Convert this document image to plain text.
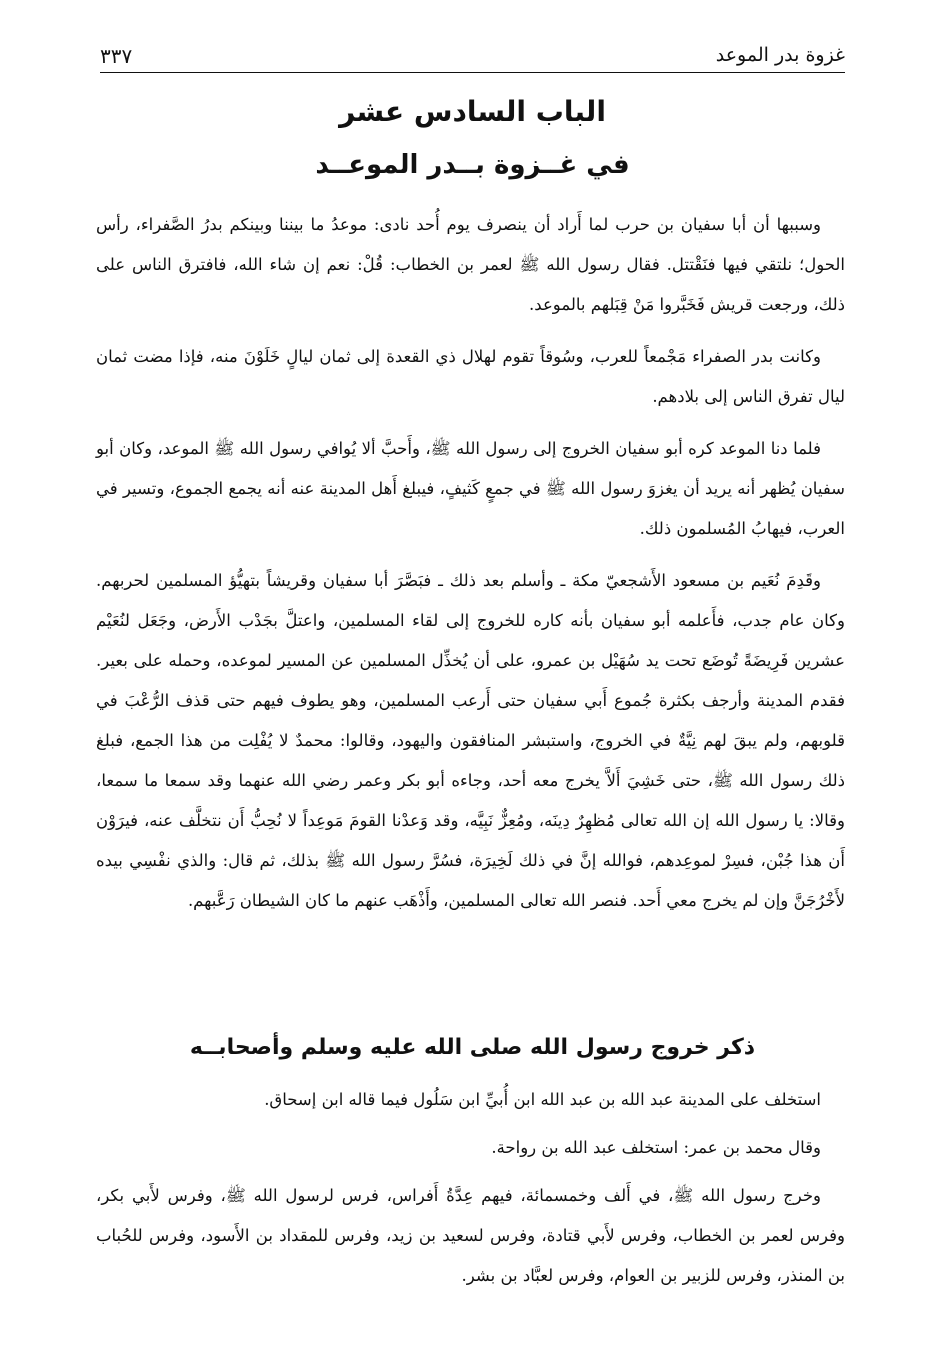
غزوة بدر الموعد
٣٣٧
الباب السادس عشر
في غــزوة بــدر الموعــد

وسببها أن أبا سفيان بن حرب لما أَراد أن ينصرف يوم أُحد نادى: موعدُ ما بيننا وبينكم بدرُ الصَّفراء، رأس الحول؛ نلتقي فيها فنَقْتتل. فقال رسول الله ﷺ لعمر بن الخطاب: قُلْ: نعم إن شاء الله، فافترق الناس على ذلك، ورجعت قريش فَخَبَّروا مَنْ قِبَلهم بالموعد.

وكانت بدر الصفراء مَجْمعاً للعرب، وسُوقاً تقوم لهلال ذي القعدة إلى ثمان ليالٍ خَلَوْنَ منه، فإذا مضت ثمان ليال تفرق الناس إلى بلادهم.

فلما دنا الموعد كره أبو سفيان الخروج إلى رسول الله ﷺ، وأَحبَّ ألا يُوافي رسول الله ﷺ الموعد، وكان أبو سفيان يُظهر أنه يريد أن يغزوَ رسول الله ﷺ في جمعٍ كَثيفٍ، فيبلغ أَهل المدينة عنه أنه يجمع الجموع، وتسير في العرب، فيهابُ المُسلمون ذلك.

وقَدِمَ نُعَيم بن مسعود الأَشجعيّ مكة ـ وأسلم بعد ذلك ـ فبَصَّرَ أبا سفيان وقريشاً بتهيُّؤ المسلمين لحربهم. وكان عام جدب، فأَعلمه أبو سفيان بأنه كاره للخروج إلى لقاء المسلمين، واعتلَّ بجَدْب الأَرض، وجَعَل لنُعَيْم عشرين فَرِيضَةً تُوضَع تحت يد سُهَيْل بن عمرو، على أن يُخذِّل المسلمين عن المسير لموعده، وحمله على بعير. فقدم المدينة وأرجف بكثرة جُموع أَبي سفيان حتى أَرعب المسلمين، وهو يطوف فيهم حتى قذف الرُّعْبَ في قلوبهم، ولم يبقَ لهم نِيَّةٌ في الخروج، واستبشر المنافقون واليهود، وقالوا: محمدٌ لا يُفْلِت من هذا الجمع، فبلغ ذلك رسول الله ﷺ، حتى خَشِيَ أَلاَّ يخرج معه أحد، وجاءه أبو بكر وعمر رضي الله عنهما وقد سمعا ما سمعا، وقالا: يا رسول الله إن الله تعالى مُظهِرٌ دِينَه، ومُعِزٌّ نَبِيَّه، وقد وَعدْنا القومَ مَوعِداً لا نُحِبُّ أَن نتخلَّف عنه، فيرَوْن أَن هذا جُبْن، فسِرْ لموعِدهم، فوالله إنَّ في ذلك لَخِيرَة، فسُرَّ رسول الله ﷺ بذلك، ثم قال: والذي نفْسِي بيده لأَخْرُجَنَّ وإن لم يخرج معي أَحد. فنصر الله تعالى المسلمين، وأَذْهَب عنهم ما كان الشيطان رَعَّبهم.

ذكر خروج رسول الله صلى الله عليه وسلم وأصحابــه

استخلف على المدينة عبد الله بن عبد الله ابن أُبيِّ ابن سَلُول فيما قاله ابن إسحاق.

وقال محمد بن عمر: استخلف عبد الله بن رواحة.

وخرج رسول الله ﷺ، في أَلف وخمسمائة، فيهم عِدَّةُ أَفراس، فرس لرسول الله ﷺ، وفرس لأَبي بكر، وفرس لعمر بن الخطاب، وفرس لأَبي قتادة، وفرس لسعيد بن زيد، وفرس للمقداد بن الأَسود، وفرس للحُباب بن المنذر، وفرس للزبير بن العوام، وفرس لعبَّاد بن بشر.
